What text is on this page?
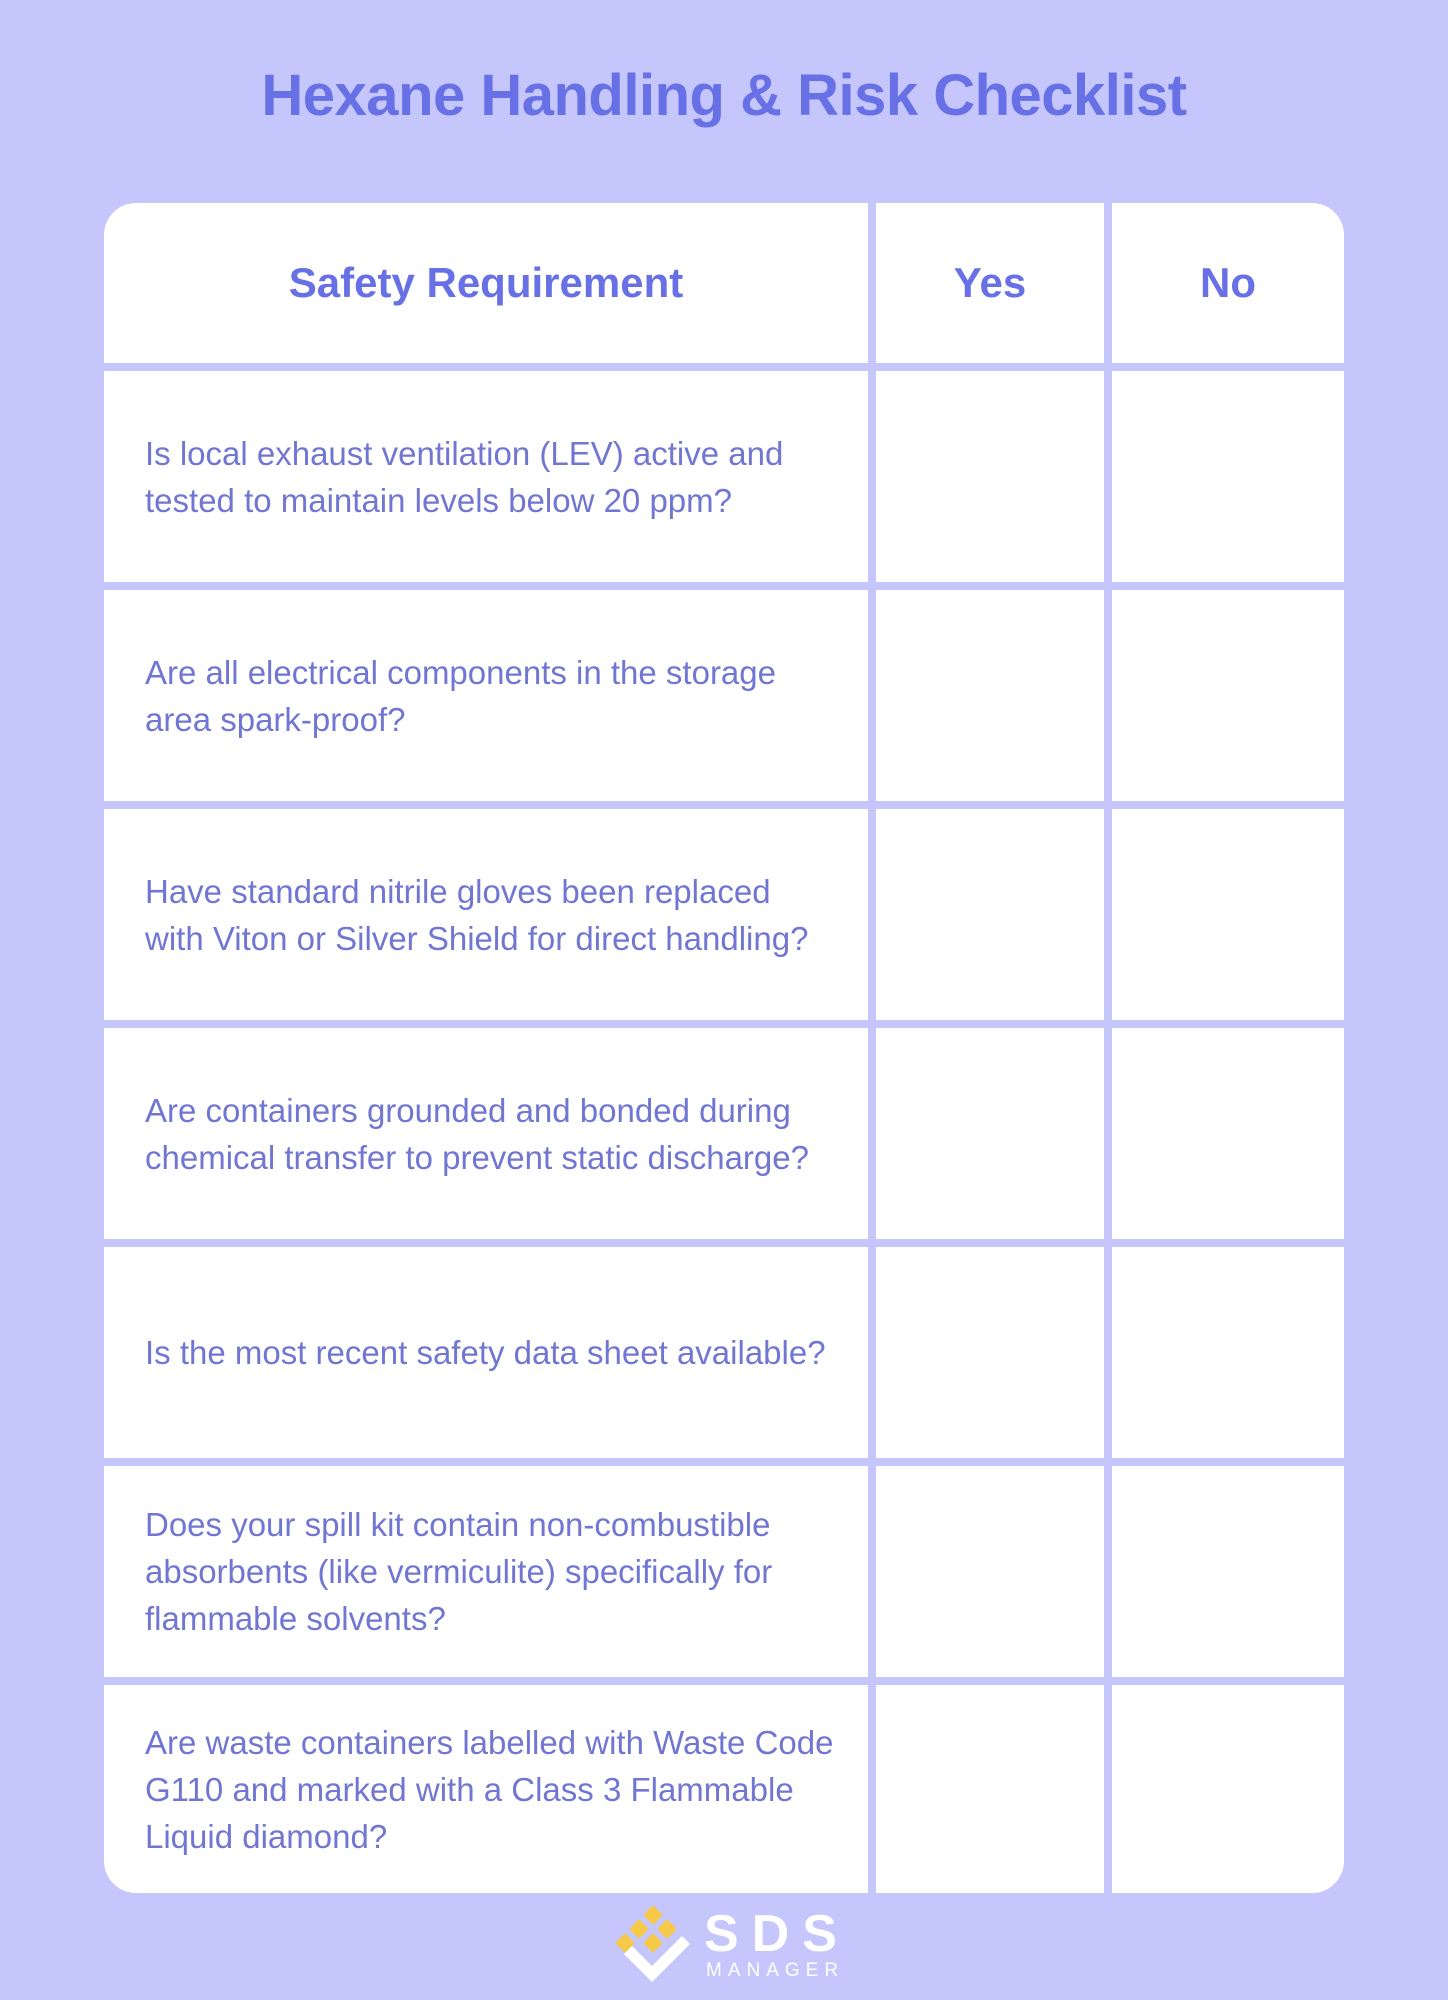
Hexane Handling & Risk Checklist
Safety Requirement	Yes	No
Is local exhaust ventilation (LEV) active and tested to maintain levels below 20 ppm?
Are all electrical components in the storage area spark-proof?
Have standard nitrile gloves been replaced with Viton or Silver Shield for direct handling?
Are containers grounded and bonded during chemical transfer to prevent static discharge?
Is the most recent safety data sheet available?
Does your spill kit contain non-combustible absorbents (like vermiculite) specifically for flammable solvents?
Are waste containers labelled with Waste Code G110 and marked with a Class 3 Flammable Liquid diamond?
SDS
MANAGER
